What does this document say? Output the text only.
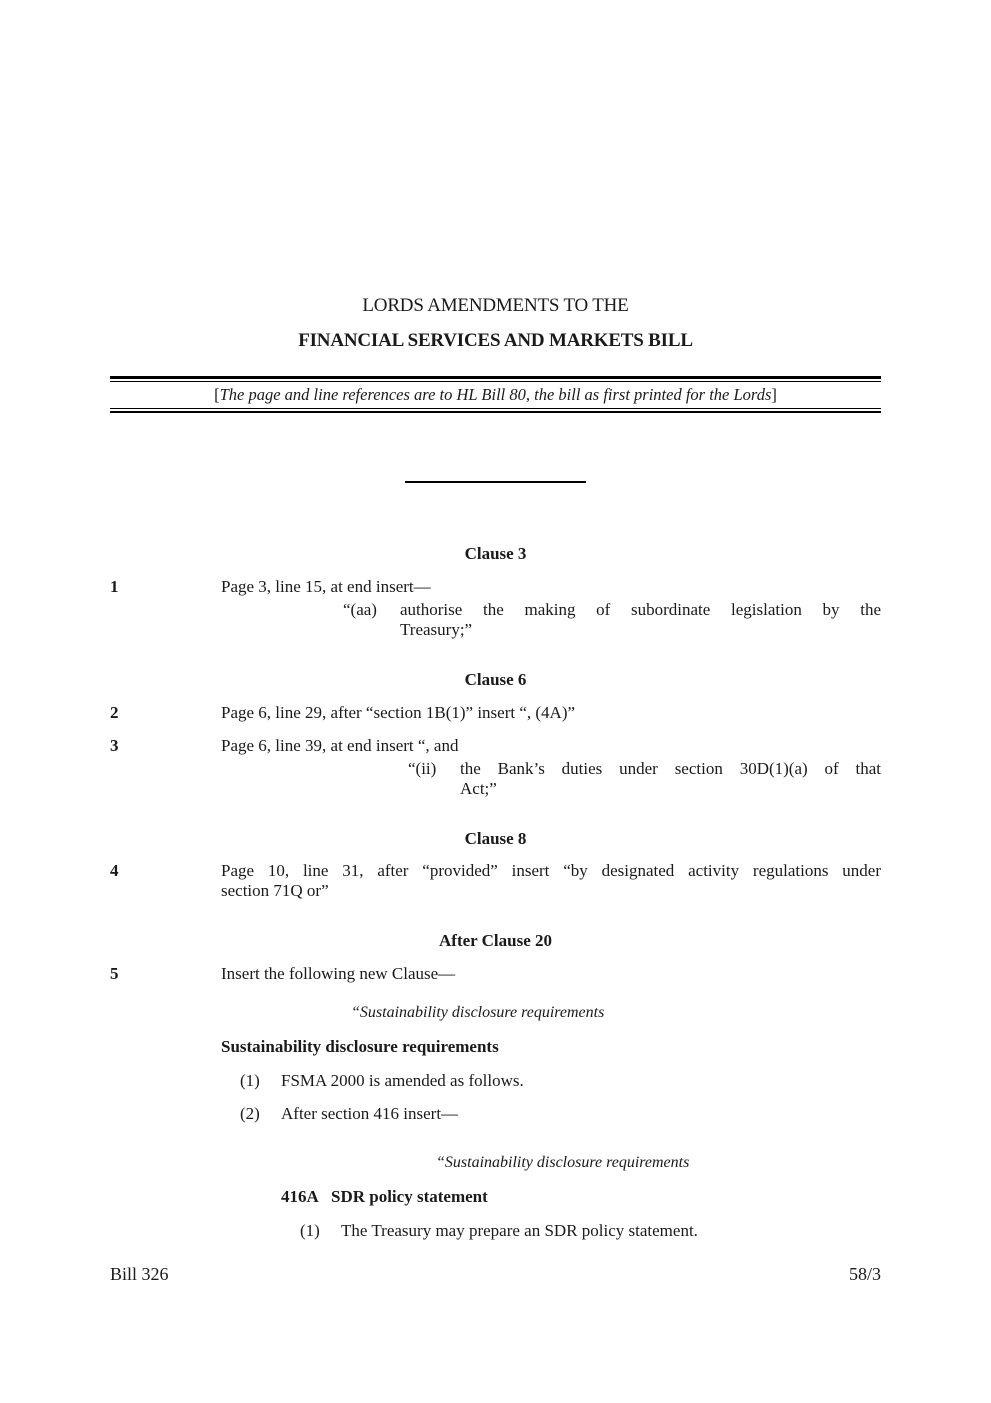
LORDS AMENDMENTS TO THE
FINANCIAL SERVICES AND MARKETS BILL
[The page and line references are to HL Bill 80, the bill as first printed for the Lords]
Clause 3
1	Page 3, line 15, at end insert—
“(aa) authorise the making of subordinate legislation by the
Treasury;”
Clause 6
2	Page 6, line 29, after “section 1B(1)” insert “, (4A)”
3	Page 6, line 39, at end insert “, and
“(ii) the Bank’s duties under section 30D(1)(a) of that
Act;”
Clause 8
4	Page 10, line 31, after “provided” insert “by designated activity regulations under
section 71Q or”
After Clause 20
5	Insert the following new Clause—
“Sustainability disclosure requirements
Sustainability disclosure requirements
(1) FSMA 2000 is amended as follows.
(2) After section 416 insert—
“Sustainability disclosure requirements
416A SDR policy statement
(1) The Treasury may prepare an SDR policy statement.
Bill 326	58/3
